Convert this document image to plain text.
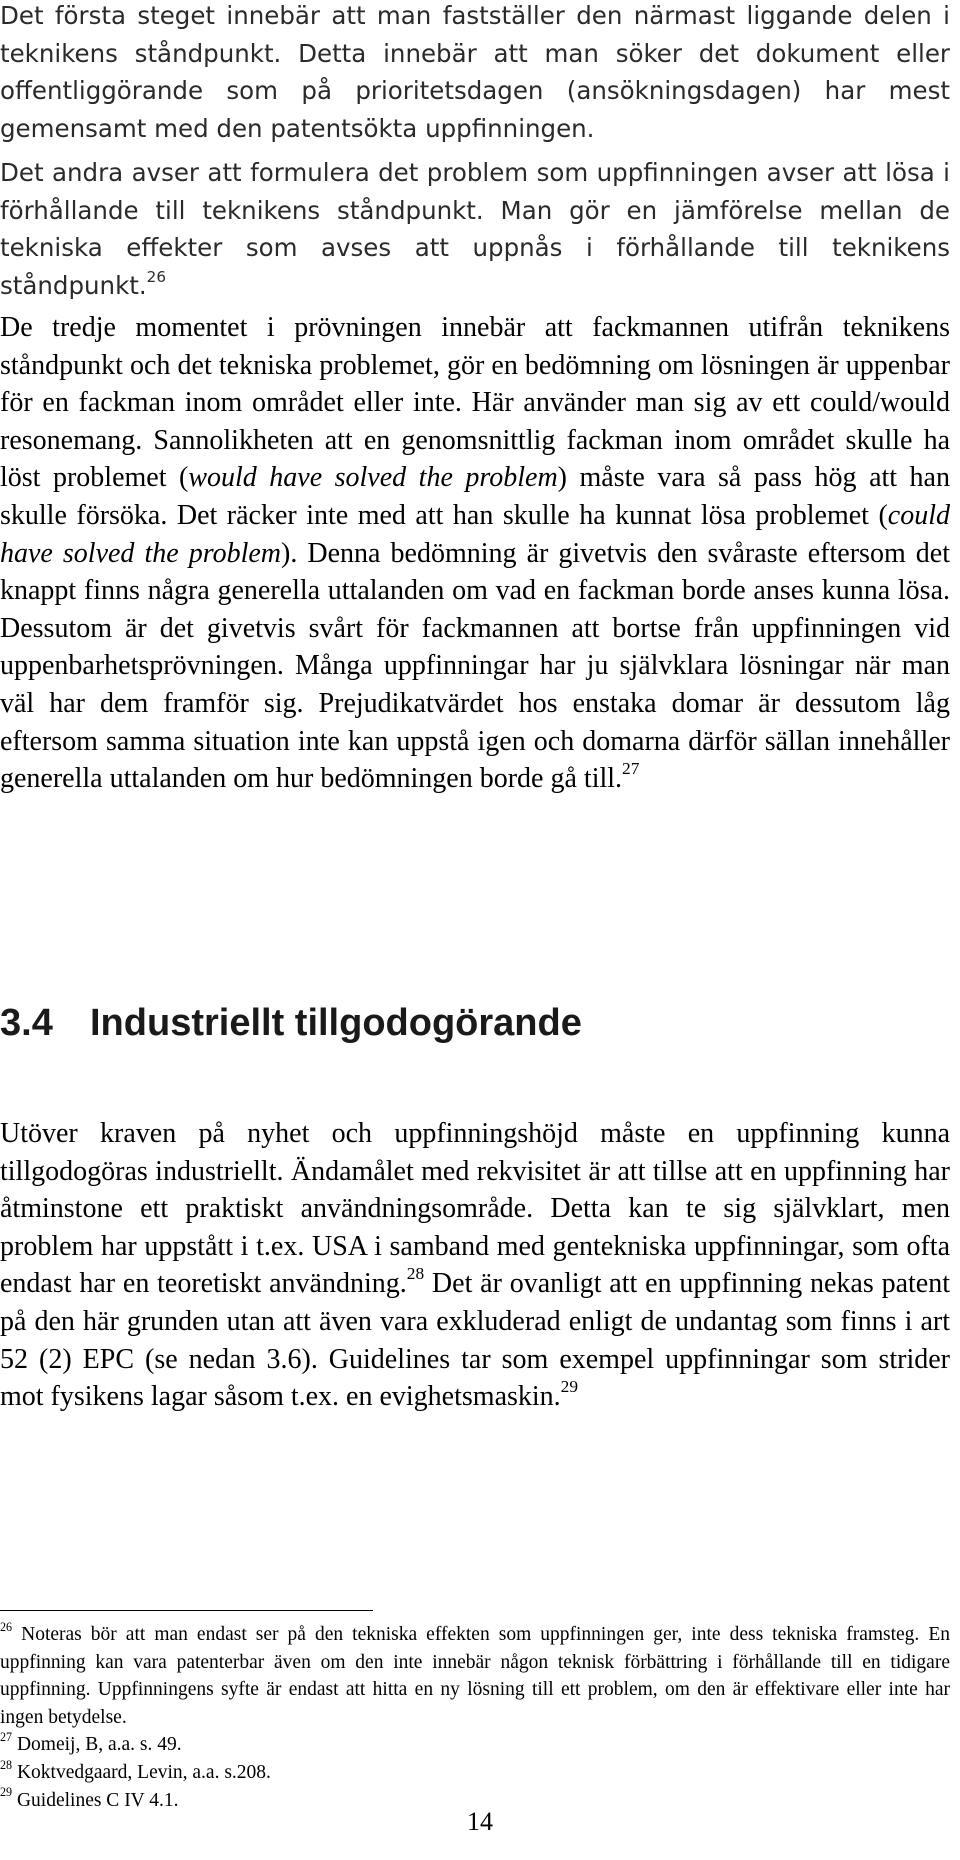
Det första steget innebär att man fastställer den närmast liggande delen i teknikens ståndpunkt. Detta innebär att man söker det dokument eller offentliggörande som på prioritetsdagen (ansökningsdagen) har mest gemensamt med den patentsökta uppfinningen.

Det andra avser att formulera det problem som uppfinningen avser att lösa i förhållande till teknikens ståndpunkt. Man gör en jämförelse mellan de tekniska effekter som avses att uppnås i förhållande till teknikens ståndpunkt.$^{26}$

De tredje momentet i prövningen innebär att fackmannen utifrån teknikens ståndpunkt och det tekniska problemet, gör en bedömning om lösningen är uppenbar för en fackman inom området eller inte. Här använder man sig av ett could/would resonemang. Sannolikheten att en genomsnittlig fackman inom området skulle ha löst problemet (would have solved the problem) måste vara så pass hög att han skulle försöka. Det räcker inte med att han skulle ha kunnat lösa problemet (could have solved the problem). Denna bedömning är givetvis den svåraste eftersom det knappt finns några generella uttalanden om vad en fackman borde anses kunna lösa. Dessutom är det givetvis svårt för fackmannen att bortse från uppfinningen vid uppenbarhetsprövningen. Många uppfinningar har ju självklara lösningar när man väl har dem framför sig. Prejudikatvärdet hos enstaka domar är dessutom låg eftersom samma situation inte kan uppstå igen och domarna därför sällan innehåller generella uttalanden om hur bedömningen borde gå till.$^{27}$

3.4 Industriellt tillgodogörande

Utöver kraven på nyhet och uppfinningshöjd måste en uppfinning kunna tillgodogöras industriellt. Ändamålet med rekvisitet är att tillse att en uppfinning har åtminstone ett praktiskt användningsområde. Detta kan te sig självklart, men problem har uppstått i t.ex. USA i samband med gentekniska uppfinningar, som ofta endast har en teoretiskt användning.$^{28}$ Det är ovanligt att en uppfinning nekas patent på den här grunden utan att även vara exkluderad enligt de undantag som finns i art 52 (2) EPC (se nedan 3.6). Guidelines tar som exempel uppfinningar som strider mot fysikens lagar såsom t.ex. en evighetsmaskin.$^{29}$

$^{26}$ Noteras bör att man endast ser på den tekniska effekten som uppfinningen ger, inte dess tekniska framsteg. En uppfinning kan vara patenterbar även om den inte innebär någon teknisk förbättring i förhållande till en tidigare uppfinning. Uppfinningens syfte är endast att hitta en ny lösning till ett problem, om den är effektivare eller inte har ingen betydelse.

$^{27}$ Domeij, B, a.a. s. 49.

$^{28}$ Koktvedgaard, Levin, a.a. s.208.

$^{29}$ Guidelines C IV 4.1.

14
